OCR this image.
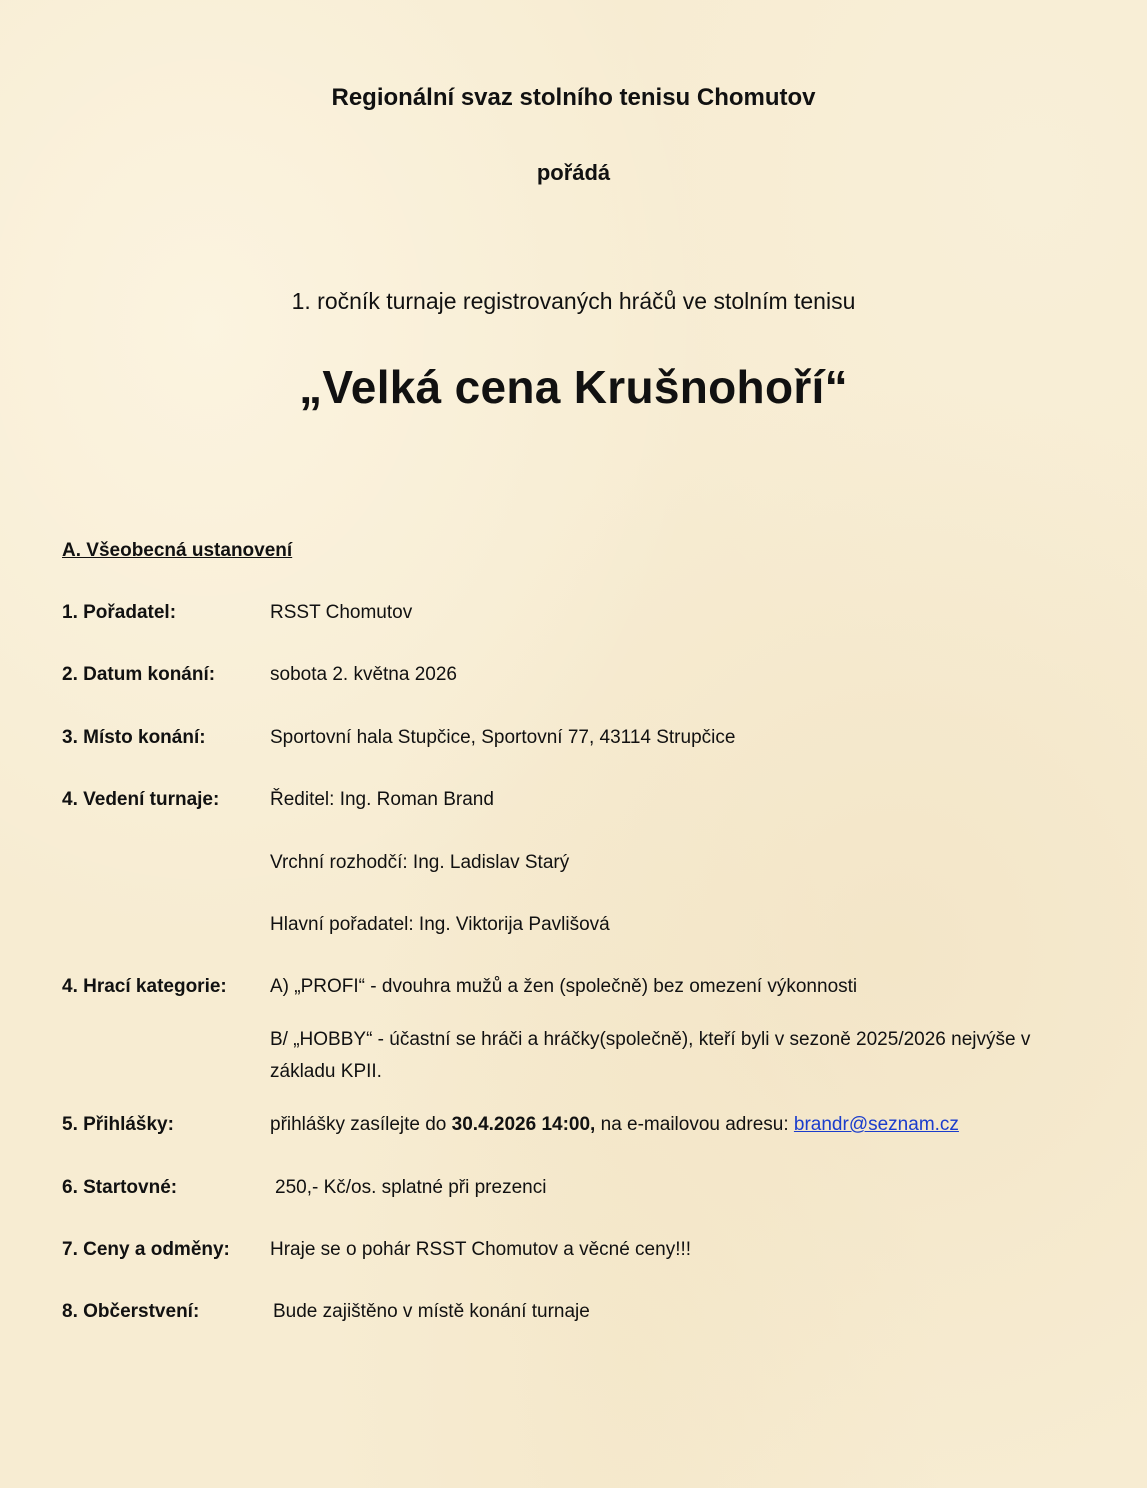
Regionální svaz stolního tenisu Chomutov
pořádá
1. ročník turnaje registrovaných hráčů ve stolním tenisu
„Velká cena Krušnohoří“
A. Všeobecná ustanovení
1. Pořadatel:	RSST Chomutov
2. Datum konání:	sobota 2. května 2026
3. Místo konání:	Sportovní hala Stupčice, Sportovní 77, 43114 Strupčice
4. Vedení turnaje:	Ředitel: Ing. Roman Brand
Vrchní rozhodčí: Ing. Ladislav Starý
Hlavní pořadatel: Ing. Viktorija Pavlišová
4. Hrací kategorie: A) „PROFI“ - dvouhra mužů a žen (společně) bez omezení výkonnosti
B/ „HOBBY“ - účastní se hráči a hráčky(společně), kteří byli v sezoně 2025/2026 nejvýše v základu KPII.
5. Přihlášky:	přihlášky zasílejte do 30.4.2026 14:00, na e-mailovou adresu: brandr@seznam.cz
6. Startovné:	250,- Kč/os. splatné při prezenci
7. Ceny a odměny: Hraje se o pohár RSST Chomutov a věcné ceny!!!
8. Občerstvení:	Bude zajištěno v místě konání turnaje
